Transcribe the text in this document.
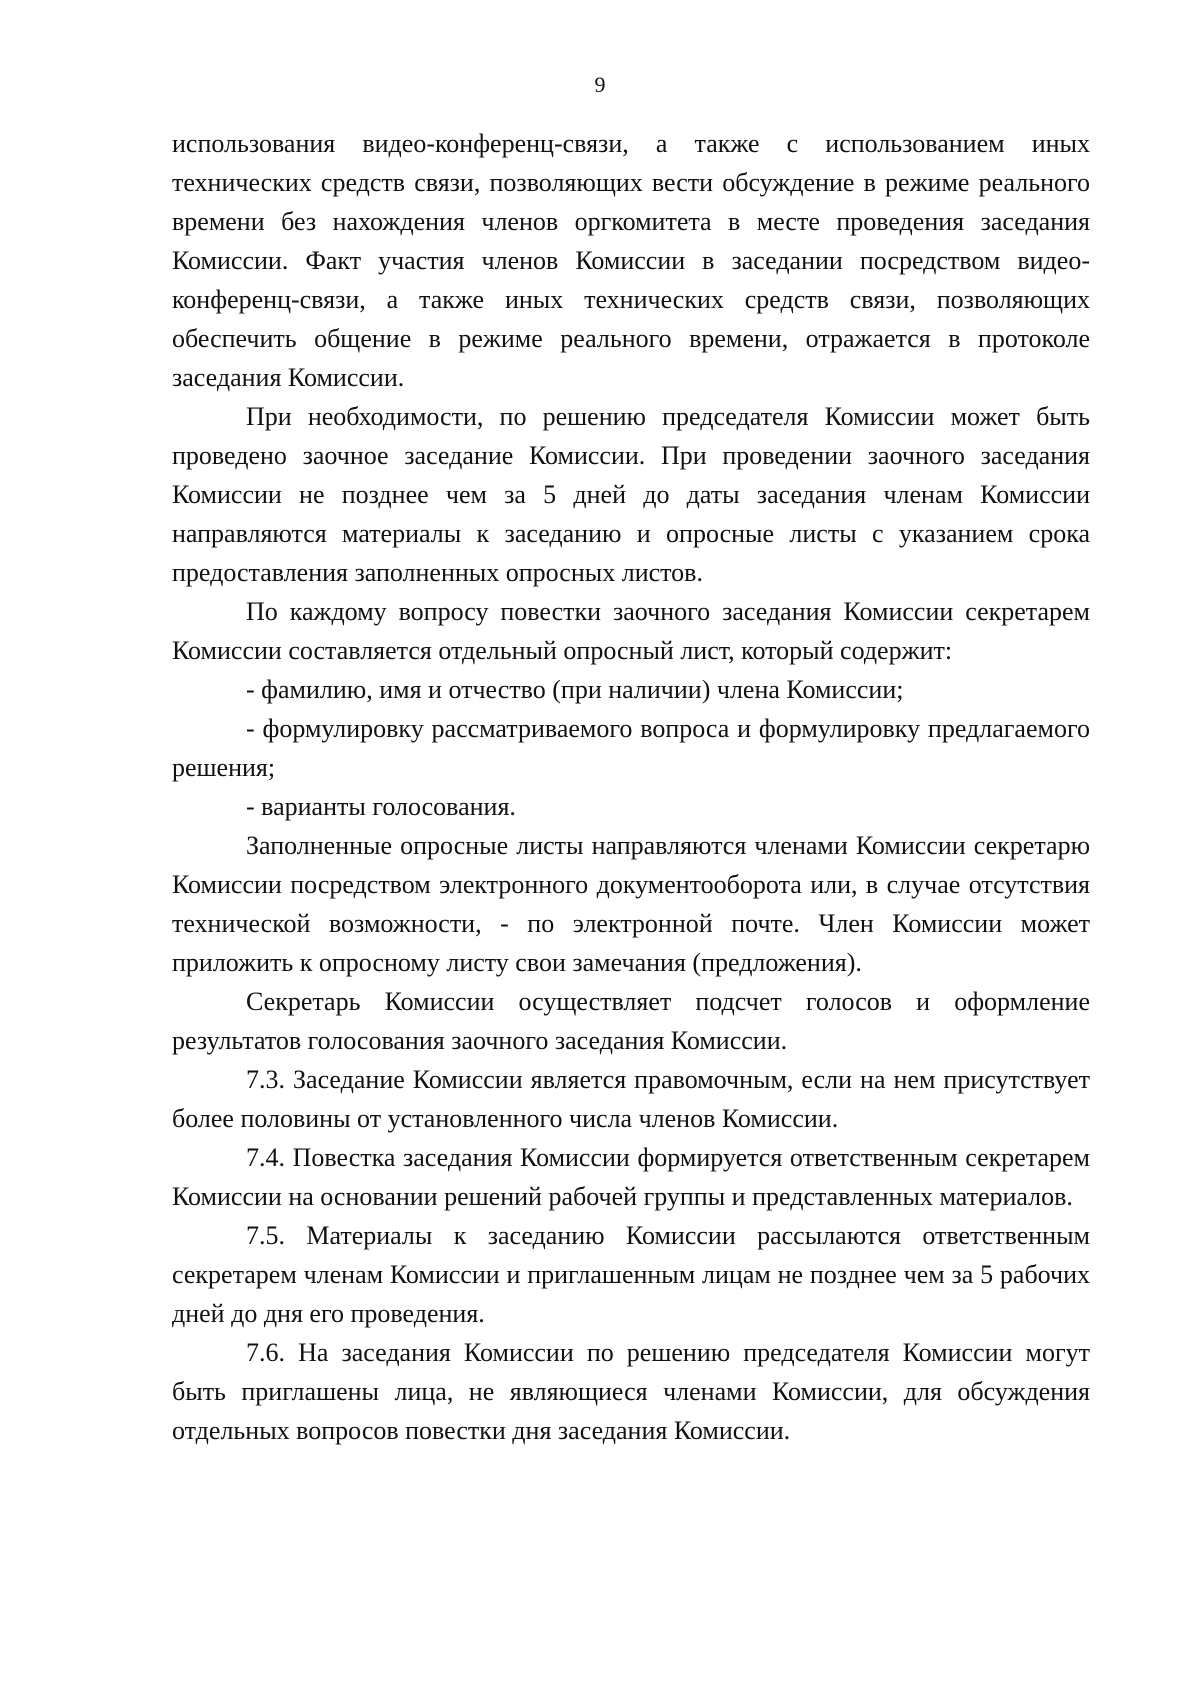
9

использования видео-конференц-связи, а также с использованием иных технических средств связи, позволяющих вести обсуждение в режиме реального времени без нахождения членов оргкомитета в месте проведения заседания Комиссии. Факт участия членов Комиссии в заседании посредством видео-конференц-связи, а также иных технических средств связи, позволяющих обеспечить общение в режиме реального времени, отражается в протоколе заседания Комиссии.

При необходимости, по решению председателя Комиссии может быть проведено заочное заседание Комиссии. При проведении заочного заседания Комиссии не позднее чем за 5 дней до даты заседания членам Комиссии направляются материалы к заседанию и опросные листы с указанием срока предоставления заполненных опросных листов.

По каждому вопросу повестки заочного заседания Комиссии секретарем Комиссии составляется отдельный опросный лист, который содержит:

- фамилию, имя и отчество (при наличии) члена Комиссии;

- формулировку рассматриваемого вопроса и формулировку предлагаемого решения;

- варианты голосования.

Заполненные опросные листы направляются членами Комиссии секретарю Комиссии посредством электронного документооборота или, в случае отсутствия технической возможности, - по электронной почте. Член Комиссии может приложить к опросному листу свои замечания (предложения).

Секретарь Комиссии осуществляет подсчет голосов и оформление результатов голосования заочного заседания Комиссии.

7.3. Заседание Комиссии является правомочным, если на нем присутствует более половины от установленного числа членов Комиссии.

7.4. Повестка заседания Комиссии формируется ответственным секретарем Комиссии на основании решений рабочей группы и представленных материалов.

7.5. Материалы к заседанию Комиссии рассылаются ответственным секретарем членам Комиссии и приглашенным лицам не позднее чем за 5 рабочих дней до дня его проведения.

7.6. На заседания Комиссии по решению председателя Комиссии могут быть приглашены лица, не являющиеся членами Комиссии, для обсуждения отдельных вопросов повестки дня заседания Комиссии.
